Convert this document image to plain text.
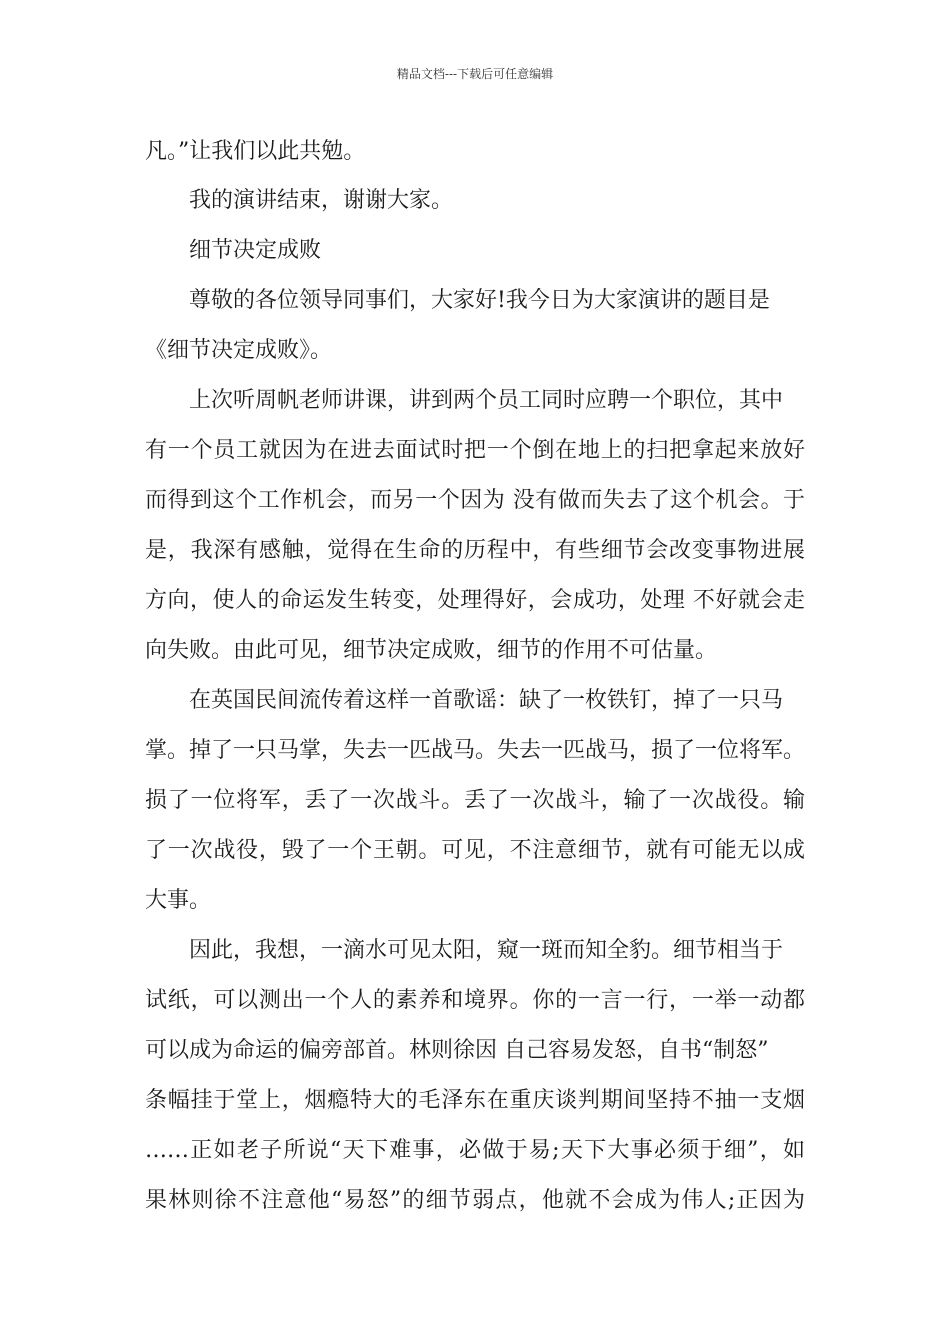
精品文档---下载后可任意编辑
凡。”让我们以此共勉。
我的演讲结束，谢谢大家。
细节决定成败
尊敬的各位领导同事们，大家好!我今日为大家演讲的题目是
《细节决定成败》。
上次听周帆老师讲课，讲到两个员工同时应聘一个职位，其中
有一个员工就因为在进去面试时把一个倒在地上的扫把拿起来放好
而得到这个工作机会，而另一个因为 没有做而失去了这个机会。于
是，我深有感触，觉得在生命的历程中，有些细节会改变事物进展
方向，使人的命运发生转变，处理得好，会成功，处理 不好就会走
向失败。由此可见，细节决定成败，细节的作用不可估量。
在英国民间流传着这样一首歌谣：缺了一枚铁钉，掉了一只马
掌。掉了一只马掌，失去一匹战马。失去一匹战马，损了一位将军。
损了一位将军，丢了一次战斗。丢了一次战斗，输了一次战役。输
了一次战役，毁了一个王朝。可见，不注意细节，就有可能无以成
大事。
因此，我想，一滴水可见太阳，窥一斑而知全豹。细节相当于
试纸，可以测出一个人的素养和境界。你的一言一行，一举一动都
可以成为命运的偏旁部首。林则徐因 自己容易发怒，自书“制怒”
条幅挂于堂上，烟瘾特大的毛泽东在重庆谈判期间坚持不抽一支烟
……正如老子所说“天下难事，必做于易;天下大事必须于细”，如
果林则徐不注意他“易怒”的细节弱点，他就不会成为伟人;正因为
